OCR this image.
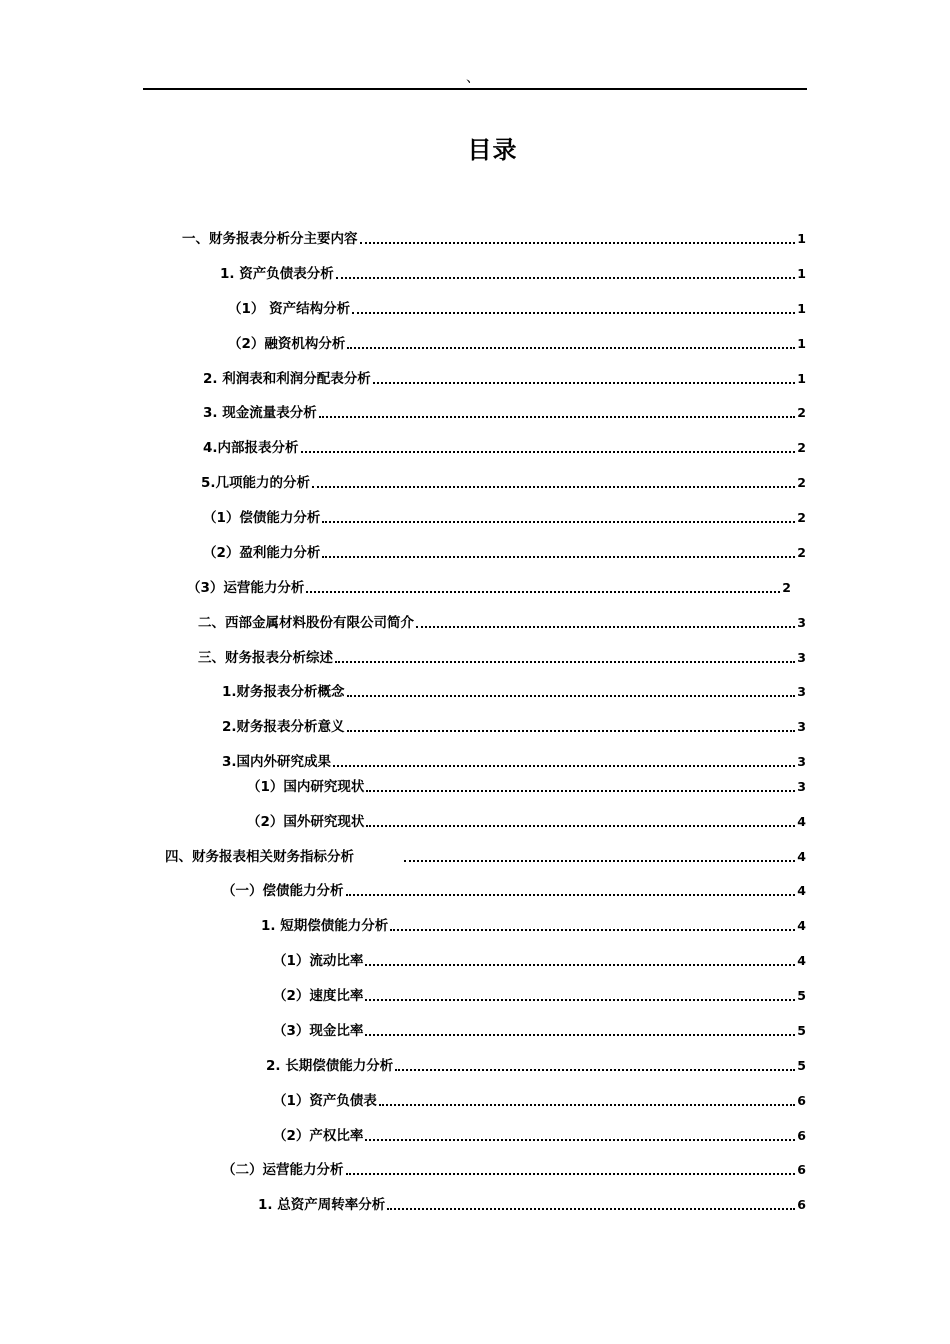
、
目录
一、财务报表分析分主要内容	1
1. 资产负债表分析	1
（1） 资产结构分析	1
（2）融资机构分析	1
2. 利润表和利润分配表分析	1
3. 现金流量表分析	2
4.内部报表分析	2
5.几项能力的分析	2
（1）偿债能力分析	2
（2）盈利能力分析	2
（3）运营能力分析	2
二、西部金属材料股份有限公司简介	3
三、财务报表分析综述	3
1.财务报表分析概念	3
2.财务报表分析意义	3
3.国内外研究成果	3
（1）国内研究现状	3
（2）国外研究现状	4
四、财务报表相关财务指标分析	4
（一）偿债能力分析	4
1. 短期偿债能力分析	4
（1）流动比率	4
（2）速度比率	5
（3）现金比率	5
2. 长期偿债能力分析	5
（1）资产负债表	6
（2）产权比率	6
（二）运营能力分析	6
1. 总资产周转率分析	6
